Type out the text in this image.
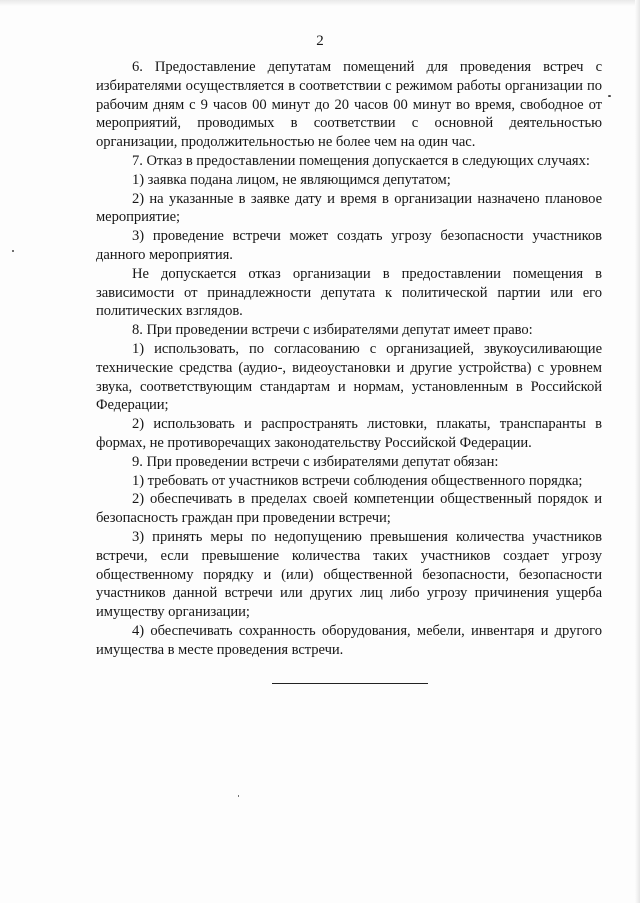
2

6. Предоставление депутатам помещений для проведения встреч с избирателями осуществляется в соответствии с режимом работы организации по рабочим дням с 9 часов 00 минут до 20 часов 00 минут во время, свободное от мероприятий, проводимых в соответствии с основной деятельностью организации, продолжительностью не более чем на один час.

7. Отказ в предоставлении помещения допускается в следующих случаях:

1) заявка подана лицом, не являющимся депутатом;

2) на указанные в заявке дату и время в организации назначено плановое мероприятие;

3) проведение встречи может создать угрозу безопасности участников данного мероприятия.

Не допускается отказ организации в предоставлении помещения в зависимости от принадлежности депутата к политической партии или его политических взглядов.

8. При проведении встречи с избирателями депутат имеет право:

1) использовать, по согласованию с организацией, звукоусиливающие технические средства (аудио-, видеоустановки и другие устройства) с уровнем звука, соответствующим стандартам и нормам, установленным в Российской Федерации;

2) использовать и распространять листовки, плакаты, транспаранты в формах, не противоречащих законодательству Российской Федерации.

9. При проведении встречи с избирателями депутат обязан:

1) требовать от участников встречи соблюдения общественного порядка;

2) обеспечивать в пределах своей компетенции общественный порядок и безопасность граждан при проведении встречи;

3) принять меры по недопущению превышения количества участников встречи, если превышение количества таких участников создает угрозу общественному порядку и (или) общественной безопасности, безопасности участников данной встречи или других лиц либо угрозу причинения ущерба имуществу организации;

4) обеспечивать сохранность оборудования, мебели, инвентаря и другого имущества в месте проведения встречи.
